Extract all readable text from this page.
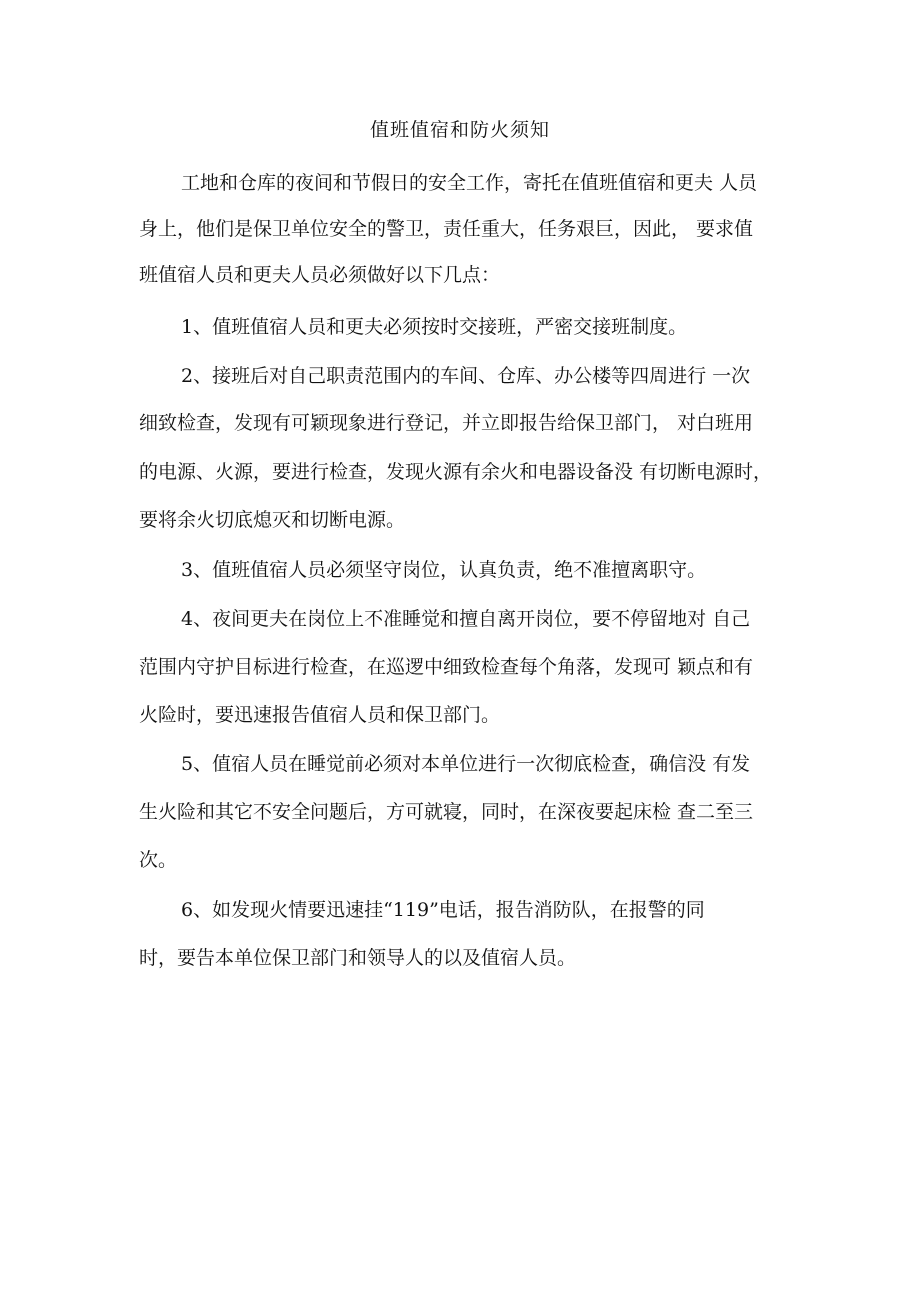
值班值宿和防火须知

工地和仓库的夜间和节假日的安全工作，寄托在值班值宿和更夫 人员

身上，他们是保卫单位安全的警卫，责任重大，任务艰巨，因此， 要求值

班值宿人员和更夫人员必须做好以下几点：

1、值班值宿人员和更夫必须按时交接班，严密交接班制度。

2、接班后对自己职责范围内的车间、仓库、办公楼等四周进行 一次

细致检查，发现有可颖现象进行登记，并立即报告给保卫部门， 对白班用

的电源、火源，要进行检查，发现火源有余火和电器设备没 有切断电源时，

要将余火切底熄灭和切断电源。

3、值班值宿人员必须坚守岗位，认真负责，绝不准擅离职守。

4、夜间更夫在岗位上不准睡觉和擅自离开岗位，要不停留地对 自己

范围内守护目标进行检查，在巡逻中细致检查每个角落，发现可 颖点和有

火险时，要迅速报告值宿人员和保卫部门。

5、值宿人员在睡觉前必须对本单位进行一次彻底检查，确信没 有发

生火险和其它不安全问题后，方可就寝，同时，在深夜要起床检 查二至三

次。

6、如发现火情要迅速挂“119”电话，报告消防队，在报警的同

时，要告本单位保卫部门和领导人的以及值宿人员。
